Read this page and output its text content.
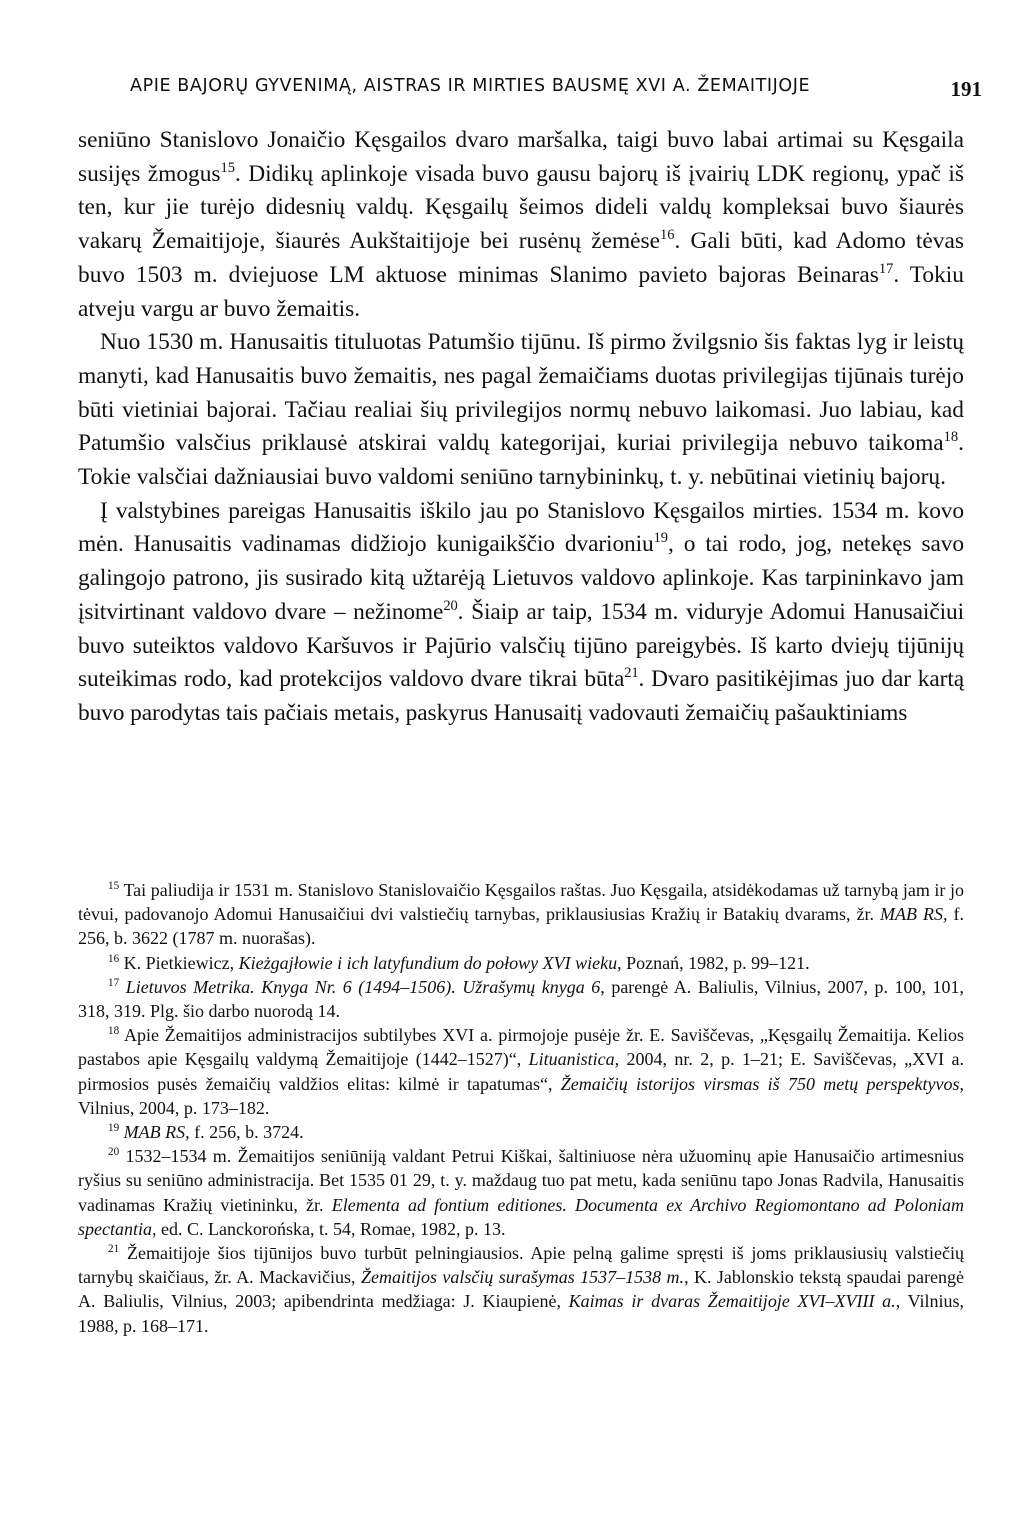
APIE BAJORŲ GYVENIMĄ, AISTRAS IR MIRTIES BAUSMĘ XVI A. ŽEMAITIJOJE	191

seniūno Stanislovo Jonaičio Kęsgailos dvaro maršalka, taigi buvo labai artimai su Kęsgaila susijęs žmogus$^{15}$. Didikų aplinkoje visada buvo gausu bajorų iš įvairių LDK regionų, ypač iš ten, kur jie turėjo didesnių valdų. Kęsgailų šeimos dideli valdų kompleksai buvo šiaurės vakarų Žemaitijoje, šiaurės Aukštaitijoje bei rusėnų žemėse$^{16}$. Gali būti, kad Adomo tėvas buvo 1503 m. dviejuose LM aktuose minimas Slanimo pavieto bajoras Beinaras$^{17}$. Tokiu atveju vargu ar buvo žemaitis.

Nuo 1530 m. Hanusaitis tituluotas Patumšio tijūnu. Iš pirmo žvilgsnio šis faktas lyg ir leistų manyti, kad Hanusaitis buvo žemaitis, nes pagal žemaičiams duotas privilegijas tijūnais turėjo būti vietiniai bajorai. Tačiau realiai šių privilegijos normų nebuvo laikomasi. Juo labiau, kad Patumšio valsčius priklausė atskirai valdų kategorijai, kuriai privilegija nebuvo taikoma$^{18}$. Tokie valsčiai dažniausiai buvo valdomi seniūno tarnybininkų, t. y. nebūtinai vietinių bajorų.

Į valstybines pareigas Hanusaitis iškilo jau po Stanislovo Kęsgailos mirties. 1534 m. kovo mėn. Hanusaitis vadinamas didžiojo kunigaikščio dvarioniu$^{19}$, o tai rodo, jog, netekęs savo galingojo patrono, jis susirado kitą užtarėją Lietuvos valdovo aplinkoje. Kas tarpininkavo jam įsitvirtinant valdovo dvare – nežinome$^{20}$. Šiaip ar taip, 1534 m. viduryje Adomui Hanusaičiui buvo suteiktos valdovo Karšuvos ir Pajūrio valsčių tijūno pareigybės. Iš karto dviejų tijūnijų suteikimas rodo, kad protekcijos valdovo dvare tikrai būta$^{21}$. Dvaro pasitikėjimas juo dar kartą buvo parodytas tais pačiais metais, paskyrus Hanusaitį vadovauti žemaičių pašauktiniams

$^{15}$ Tai paliudija ir 1531 m. Stanislovo Stanislovaičio Kęsgailos raštas. Juo Kęsgaila, atsidėkodamas už tarnybą jam ir jo tėvui, padovanojo Adomui Hanusaičiui dvi valstiečių tarnybas, priklausiusias Kražių ir Batakių dvarams, žr. MAB RS, f. 256, b. 3622 (1787 m. nuorašas).

$^{16}$ K. Pietkiewicz, Kieżgajłowie i ich latyfundium do połowy XVI wieku, Poznań, 1982, p. 99–121.

$^{17}$ Lietuvos Metrika. Knyga Nr. 6 (1494–1506). Užrašymų knyga 6, parengė A. Baliulis, Vilnius, 2007, p. 100, 101, 318, 319. Plg. šio darbo nuorodą 14.

$^{18}$ Apie Žemaitijos administracijos subtilybes XVI a. pirmojoje pusėje žr. E. Saviščevas, „Kęsgailų Žemaitija. Kelios pastabos apie Kęsgailų valdymą Žemaitijoje (1442–1527)“, Lituanistica, 2004, nr. 2, p. 1–21; E. Saviščevas, „XVI a. pirmosios pusės žemaičių valdžios elitas: kilmė ir tapatumas“, Žemaičių istorijos virsmas iš 750 metų perspektyvos, Vilnius, 2004, p. 173–182.

$^{19}$ MAB RS, f. 256, b. 3724.

$^{20}$ 1532–1534 m. Žemaitijos seniūniją valdant Petrui Kiškai, šaltiniuose nėra užuominų apie Hanusaičio artimesnius ryšius su seniūno administracija. Bet 1535 01 29, t. y. maždaug tuo pat metu, kada seniūnu tapo Jonas Radvila, Hanusaitis vadinamas Kražių vietininku, žr. Elementa ad fontium editiones. Documenta ex Archivo Regiomontano ad Poloniam spectantia, ed. C. Lanckorońska, t. 54, Romae, 1982, p. 13.

$^{21}$ Žemaitijoje šios tijūnijos buvo turbūt pelningiausios. Apie pelną galime spręsti iš joms priklausiusių valstiečių tarnybų skaičiaus, žr. A. Mackavičius, Žemaitijos valsčių surašymas 1537–1538 m., K. Jablonskio tekstą spaudai parengė A. Baliulis, Vilnius, 2003; apibendrinta medžiaga: J. Kiaupienė, Kaimas ir dvaras Žemaitijoje XVI–XVIII a., Vilnius, 1988, p. 168–171.
